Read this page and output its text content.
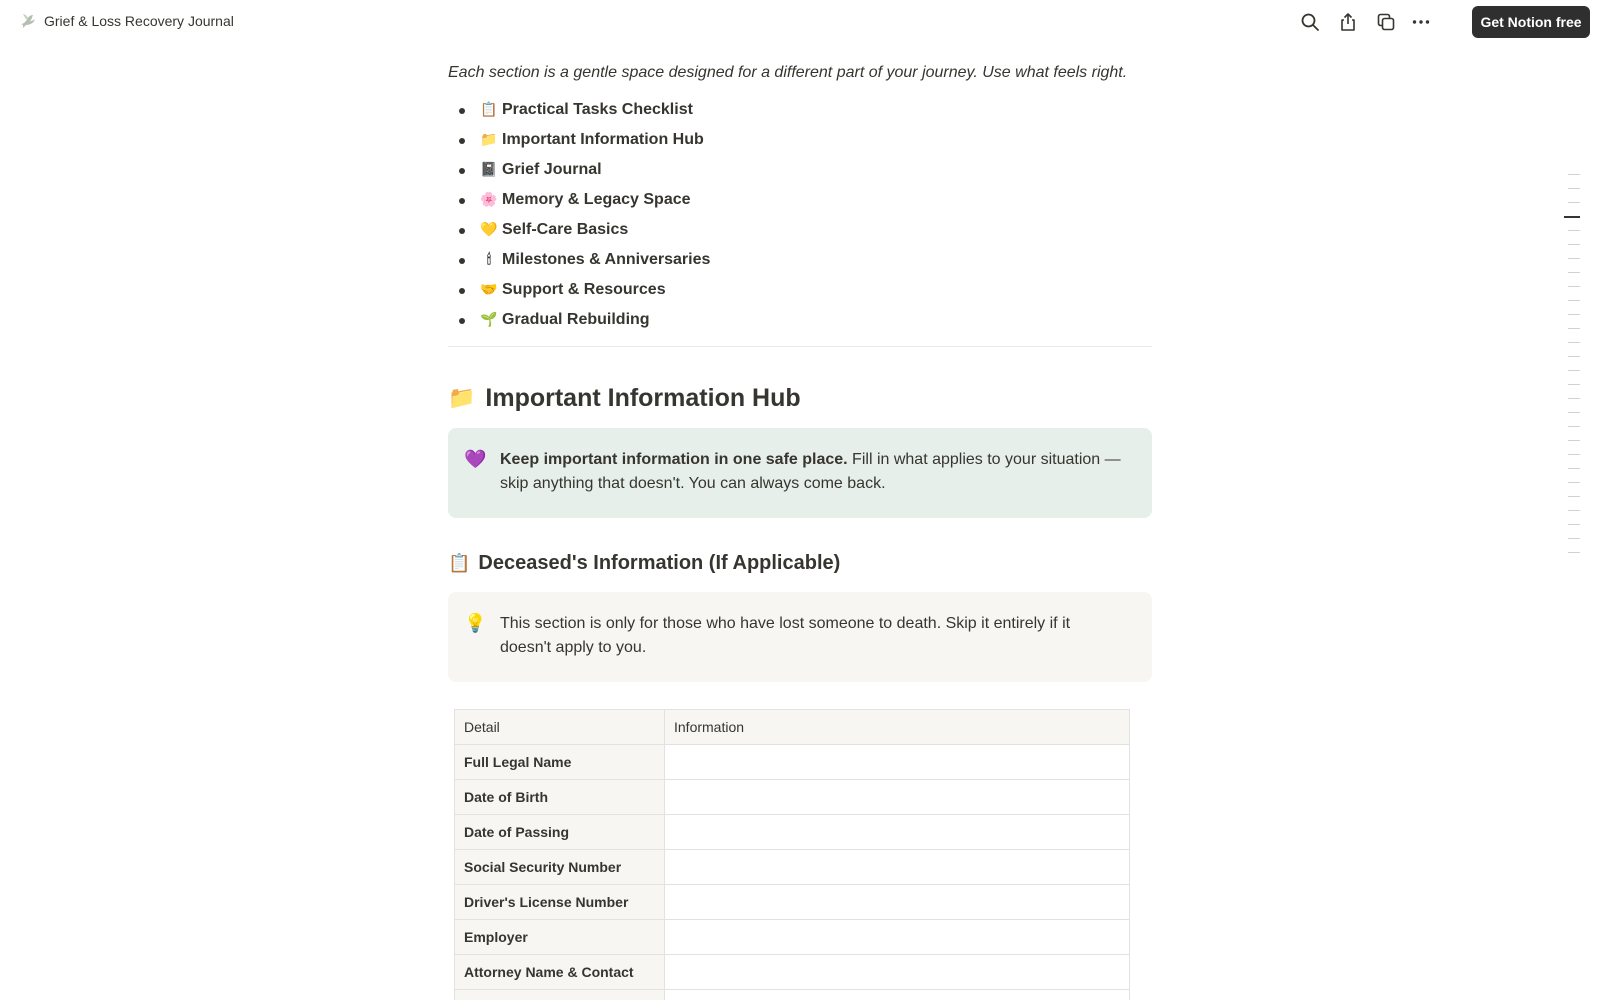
Grief & Loss Recovery Journal	Get Notion free

Each section is a gentle space designed for a different part of your journey. Use what feels right.

📋 Practical Tasks Checklist
📁 Important Information Hub
📓 Grief Journal
🌸 Memory & Legacy Space
💛 Self-Care Basics
🕯 Milestones & Anniversaries
🤝 Support & Resources
🌱 Gradual Rebuilding
📁 Important Information Hub
💜 Keep important information in one safe place. Fill in what applies to your situation — skip anything that doesn't. You can always come back.

📋 Deceased's Information (If Applicable)
💡 This section is only for those who have lost someone to death. Skip it entirely if it doesn't apply to you.

Detail	Information
Full Legal Name	
Date of Birth	
Date of Passing	
Social Security Number	
Driver's License Number	
Employer	
Attorney Name & Contact	
